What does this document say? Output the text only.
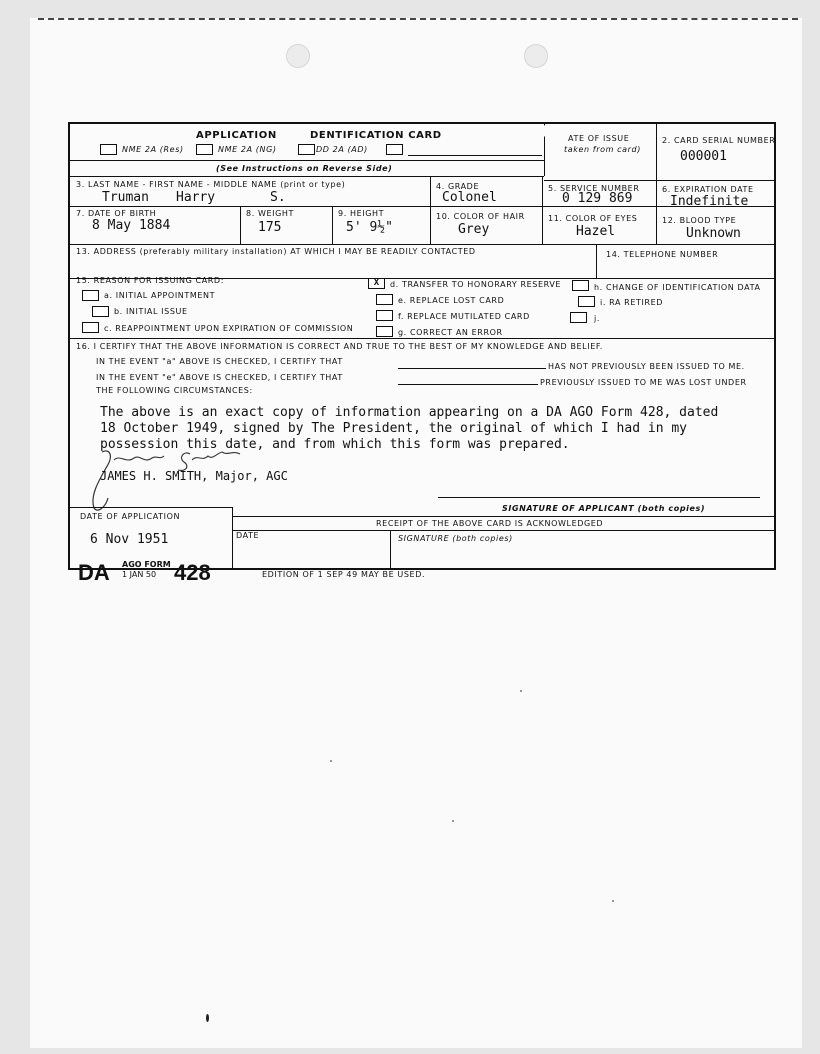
APPLICATION	DENTIFICATION CARD
NME 2A (Res)	NME 2A (NG)	DD 2A (AD)
(See Instructions on Reverse Side)
ATE OF ISSUE
taken from card)
2. CARD SERIAL NUMBER
000001
3. LAST NAME - FIRST NAME - MIDDLE NAME (print or type)
Truman Harry	S.
4. GRADE
Colonel
5. SERVICE NUMBER
0 129 869
6. EXPIRATION DATE
Indefinite
7. DATE OF BIRTH
8 May 1884
8. WEIGHT
175
9. HEIGHT
5' 9½"
10. COLOR OF HAIR
Grey
11. COLOR OF EYES
Hazel
12. BLOOD TYPE
Unknown
13. ADDRESS (preferably military installation) AT WHICH I MAY BE READILY CONTACTED	14. TELEPHONE NUMBER
15. REASON FOR ISSUING CARD:
a. INITIAL APPOINTMENT
b. INITIAL ISSUE
c. REAPPOINTMENT UPON EXPIRATION OF COMMISSION
X	d. TRANSFER TO HONORARY RESERVE
e. REPLACE LOST CARD
f. REPLACE MUTILATED CARD
g. CORRECT AN ERROR
h. CHANGE OF IDENTIFICATION DATA
i. RA RETIRED
j.
16. I CERTIFY THAT THE ABOVE INFORMATION IS CORRECT AND TRUE TO THE BEST OF MY KNOWLEDGE AND BELIEF.
IN THE EVENT "a" ABOVE IS CHECKED, I CERTIFY THAT
HAS NOT PREVIOUSLY BEEN ISSUED TO ME.
IN THE EVENT "e" ABOVE IS CHECKED, I CERTIFY THAT
PREVIOUSLY ISSUED TO ME WAS LOST UNDER
THE FOLLOWING CIRCUMSTANCES:
The above is an exact copy of information appearing on a DA AGO Form 428, dated
18 October 1949, signed by The President, the original of which I had in my
possession this date, and from which this form was prepared.
JAMES H. SMITH, Major, AGC
SIGNATURE OF APPLICANT (both copies)
DATE OF APPLICATION
6 Nov 1951
RECEIPT OF THE ABOVE CARD IS ACKNOWLEDGED
DATE	SIGNATURE (both copies)
DA AGO FORM
1 JAN 50 428	EDITION OF 1 SEP 49 MAY BE USED.
